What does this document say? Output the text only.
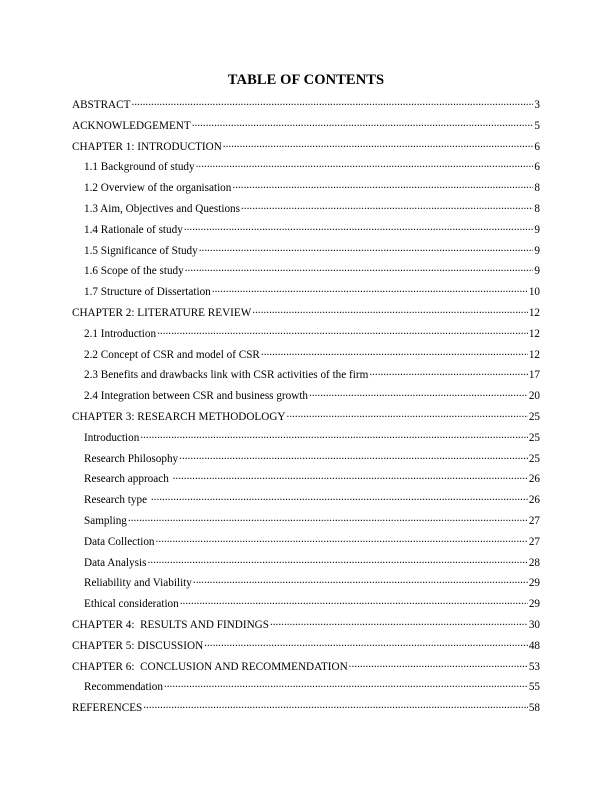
TABLE OF CONTENTS
ABSTRACT .....	3
ACKNOWLEDGEMENT .....	5
CHAPTER 1: INTRODUCTION .....	6
1.1 Background of study .....	6
1.2 Overview of the organisation .....	8
1.3 Aim, Objectives and Questions .....	8
1.4 Rationale of study .....	9
1.5 Significance of Study .....	9
1.6 Scope of the study .....	9
1.7 Structure of Dissertation .....	10
CHAPTER 2: LITERATURE REVIEW .....	12
2.1 Introduction .....	12
2.2 Concept of CSR and model of CSR .....	12
2.3 Benefits and drawbacks link with CSR activities of the firm .....	17
2.4 Integration between CSR and business growth .....	20
CHAPTER 3: RESEARCH METHODOLOGY .....	25
Introduction .....	25
Research Philosophy .....	25
Research approach .....	26
Research type .....	26
Sampling .....	27
Data Collection .....	27
Data Analysis .....	28
Reliability and Viability .....	29
Ethical consideration .....	29
CHAPTER 4:  RESULTS AND FINDINGS .....	30
CHAPTER 5: DISCUSSION .....	48
CHAPTER 6:  CONCLUSION AND RECOMMENDATION .....	53
Recommendation .....	55
REFERENCES .....	58
